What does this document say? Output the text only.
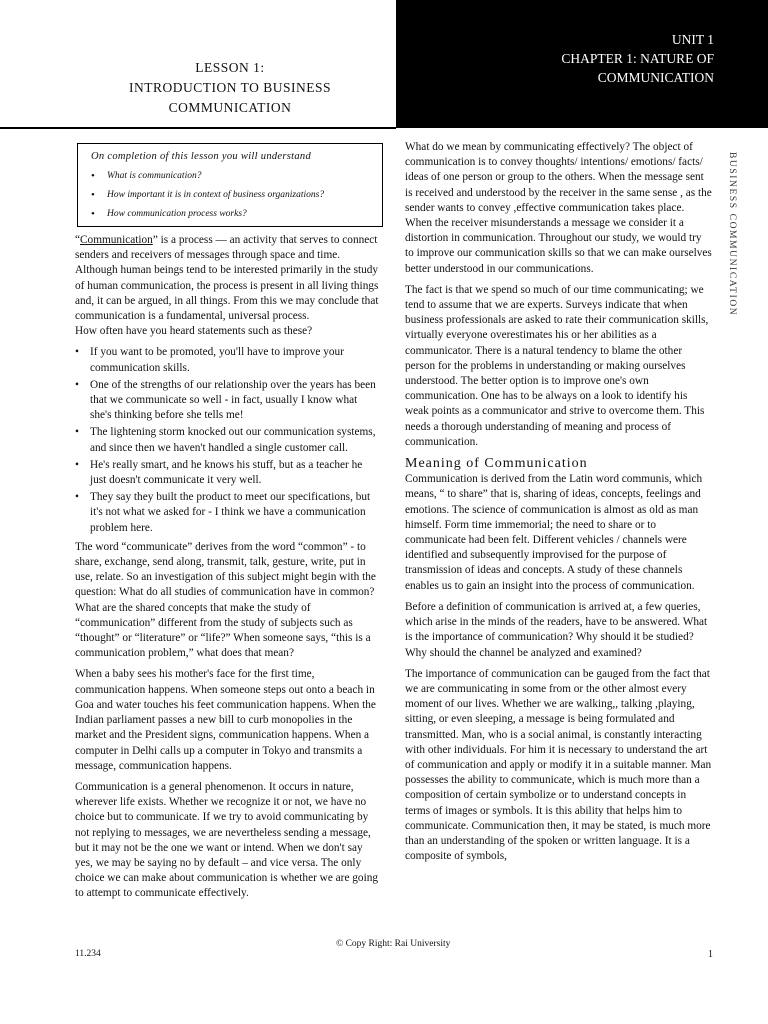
UNIT 1
CHAPTER 1: NATURE OF
COMMUNICATION
LESSON 1:
INTRODUCTION TO BUSINESS
COMMUNICATION
On completion of this lesson you will understand
• What is communication?
• How important it is in context of business organizations?
• How communication process works?

“Communication” is a process — an activity that serves to connect senders and receivers of messages through space and time. Although human beings tend to be interested primarily in the study of human communication, the process is present in all living things and, it can be argued, in all things. From this we may conclude that communication is a fundamental, universal process.

How often have you heard statements such as these?

• If you want to be promoted, you'll have to improve your communication skills.
• One of the strengths of our relationship over the years has been that we communicate so well - in fact, usually I know what she's thinking before she tells me!
• The lightening storm knocked out our communication systems, and since then we haven't handled a single customer call.
• He's really smart, and he knows his stuff, but as a teacher he just doesn't communicate it very well.
• They say they built the product to meet our specifications, but it's not what we asked for - I think we have a communication problem here.

The word “communicate” derives from the word “common” - to share, exchange, send along, transmit, talk, gesture, write, put in use, relate. So an investigation of this subject might begin with the question: What do all studies of communication have in common? What are the shared concepts that make the study of “communication” different from the study of subjects such as “thought” or “literature” or “life?” When someone says, “this is a communication problem,” what does that mean?

When a baby sees his mother's face for the first time, communication happens. When someone steps out onto a beach in Goa and water touches his feet communication happens. When the Indian parliament passes a new bill to curb monopolies in the market and the President signs, communication happens. When a computer in Delhi calls up a computer in Tokyo and transmits a message, communication happens.

Communication is a general phenomenon. It occurs in nature, wherever life exists. Whether we recognize it or not, we have no choice but to communicate. If we try to avoid communicating by not replying to messages, we are nevertheless sending a message, but it may not be the one we want or intend. When we don't say yes, we may be saying no by default – and vice versa. The only choice we can make about communication is whether we are going to attempt to communicate effectively.

What do we mean by communicating effectively? The object of communication is to convey thoughts/ intentions/ emotions/ facts/ ideas of one person or group to the others. When the message sent is received and understood by the receiver in the same sense , as the sender wants to convey ,effective communication takes place. When the receiver misunderstands a message we consider it a distortion in communication. Throughout our study, we would try to improve our communication skills so that we can make ourselves better understood in our communications.

The fact is that we spend so much of our time communicating; we tend to assume that we are experts. Surveys indicate that when business professionals are asked to rate their communication skills, virtually everyone overestimates his or her abilities as a communicator. There is a natural tendency to blame the other person for the problems in understanding or making ourselves understood. The better option is to improve one's own communication. One has to be always on a look to identify his weak points as a communicator and strive to overcome them. This needs a thorough understanding of meaning and process of communication.

Meaning of Communication

Communication is derived from the Latin word communis, which means, “ to share” that is, sharing of ideas, concepts, feelings and emotions. The science of communication is almost as old as man himself. Form time immemorial; the need to share or to communicate had been felt. Different vehicles / channels were identified and subsequently improvised for the purpose of transmission of ideas and concepts. A study of these channels enables us to gain an insight into the process of communication.

Before a definition of communication is arrived at, a few queries, which arise in the minds of the readers, have to be answered. What is the importance of communication? Why should it be studied? Why should the channel be analyzed and examined?

The importance of communication can be gauged from the fact that we are communicating in some from or the other almost every moment of our lives. Whether we are walking,, talking ,playing, sitting, or even sleeping, a message is being formulated and transmitted. Man, who is a social animal, is constantly interacting with other individuals. For him it is necessary to understand the art of communication and apply or modify it in a suitable manner. Man possesses the ability to communicate, which is much more than a composition of certain symbolize or to understand concepts in terms of images or symbols. It is this ability that helps him to communicate. Communication then, it may be stated, is much more than an understanding of the spoken or written language. It is a composite of symbols,

BUSINESS COMMUNICATION
11.234
© Copy Right: Rai University
1
